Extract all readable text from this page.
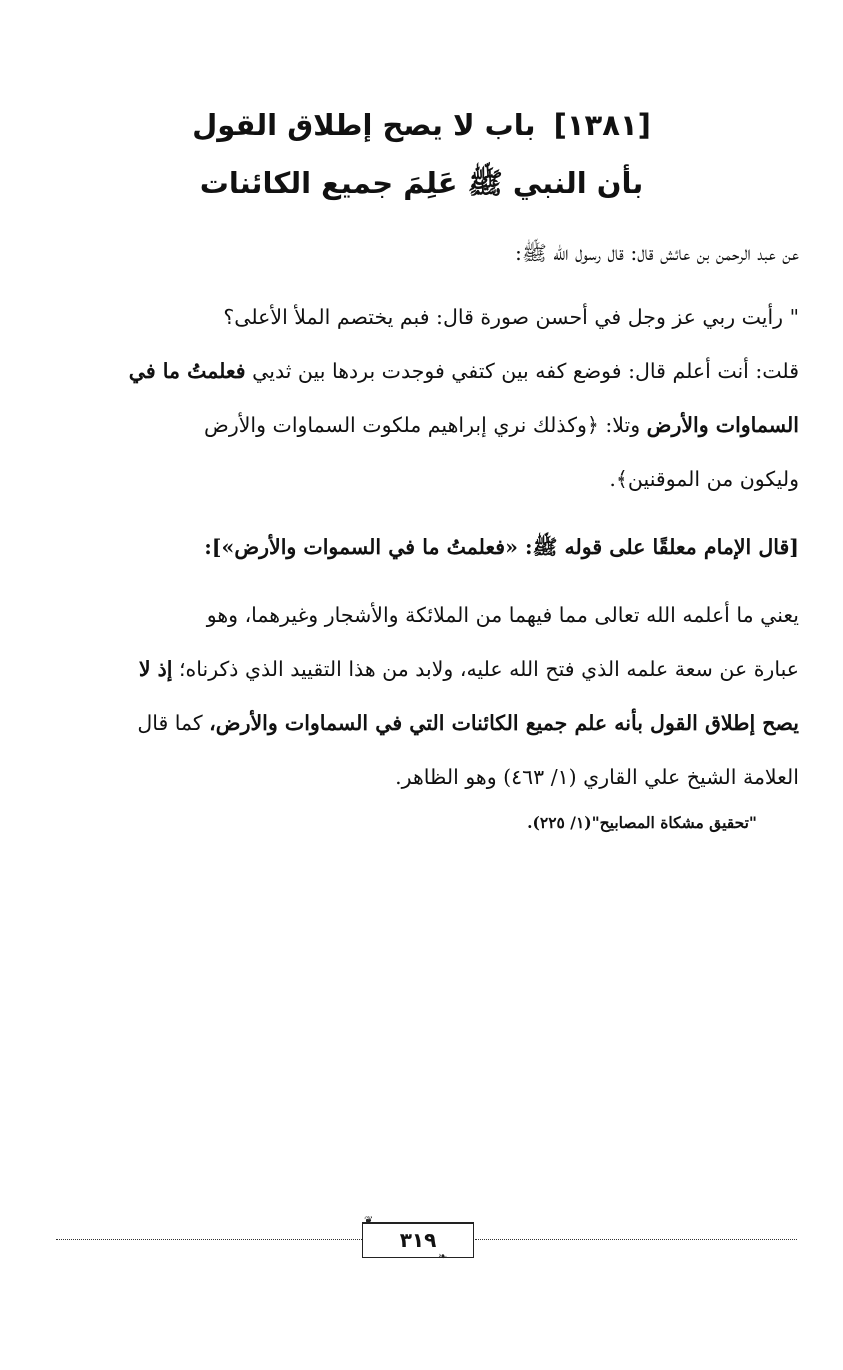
[١٣٨١]باب لا يصح إطلاق القول
بأن النبي ﷺ عَلِمَ جميع الكائنات

عن عبد الرحمن بن عائش قال: قال رسول الله ﷺ:

" رأيت ربي عز وجل في أحسن صورة قال: فبم يختصم الملأ الأعلى؟
قلت: أنت أعلم قال: فوضع كفه بين كتفي فوجدت بردها بين ثديي فعلمتُ ما في
السماوات والأرض وتلا: ﴿وكذلك نري إبراهيم ملكوت السماوات والأرض
وليكون من الموقنين﴾.

[قال الإمام معلقًا على قوله ﷺ: «فعلمتُ ما في السموات والأرض»]:

يعني ما أعلمه الله تعالى مما فيهما من الملائكة والأشجار وغيرهما، وهو
عبارة عن سعة علمه الذي فتح الله عليه، ولابد من هذا التقييد الذي ذكرناه؛ إذ لا
يصح إطلاق القول بأنه علم جميع الكائنات التي في السماوات والأرض، كما قال
العلامة الشيخ علي القاري (١/ ٤٦٣) وهو الظاهر.

"تحقيق مشكاة المصابيح"(١/ ٢٢٥).
❦
٣١٩
❧
